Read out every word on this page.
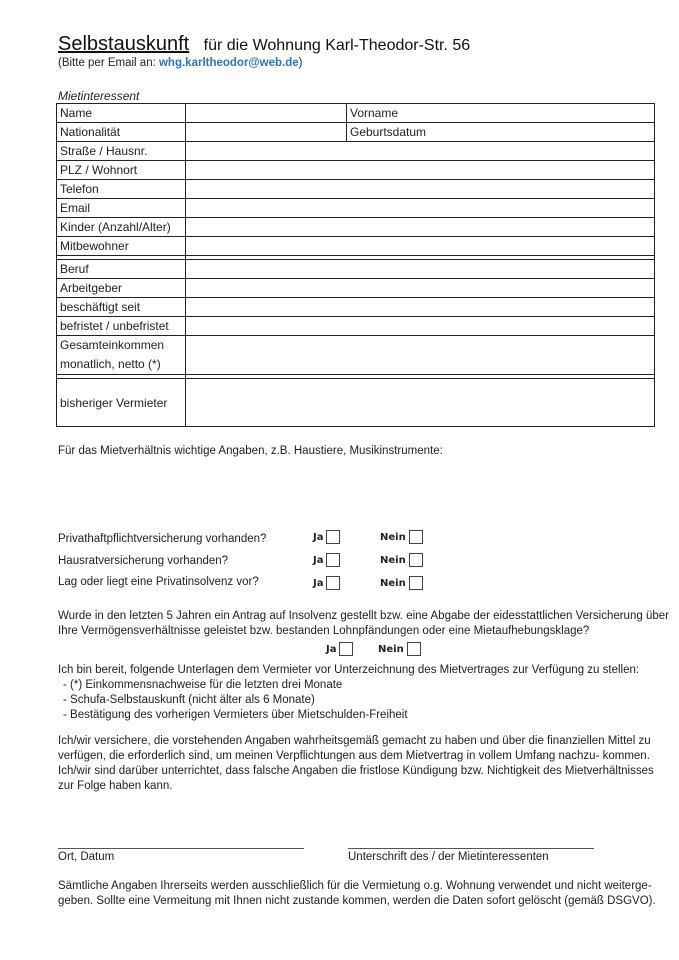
Selbstauskunft für die Wohnung Karl-Theodor-Str. 56
(Bitte per Email an: whg.karltheodor@web.de)
Mietinteressent
Name		Vorname
Nationalität		Geburtsdatum
Straße / Hausnr.		
PLZ / Wohnort		
Telefon		
Email		
Kinder (Anzahl/Alter)		
Mitbewohner		

Beruf		
Arbeitgeber		
beschäftigt seit		
befristet / unbefristet		

Gesamteinkommen
monatlich, netto (*)		

bisheriger Vermieter		
Für das Mietverhältnis wichtige Angaben, z.B. Haustiere, Musikinstrumente:
Privathaftpflichtversicherung vorhanden?	Ja	Nein
Hausratversicherung vorhanden?	Ja	Nein
Lag oder liegt eine Privatinsolvenz vor?	Ja	Nein
Wurde in den letzten 5 Jahren ein Antrag auf Insolvenz gestellt bzw. eine Abgabe der eidesstattlichen Versicherung über
Ihre Vermögensverhältnisse geleistet bzw. bestanden Lohnpfändungen oder eine Mietaufhebungsklage?
Ja	Nein
Ich bin bereit, folgende Unterlagen dem Vermieter vor Unterzeichnung des Mietvertrages zur Verfügung zu stellen:
- (*) Einkommensnachweise für die letzten drei Monate
- Schufa-Selbstauskunft (nicht älter als 6 Monate)
- Bestätigung des vorherigen Vermieters über Mietschulden-Freiheit
Ich/wir versichere, die vorstehenden Angaben wahrheitsgemäß gemacht zu haben und über die finanziellen Mittel zu
verfügen, die erforderlich sind, um meinen Verpflichtungen aus dem Mietvertrag in vollem Umfang nachzu- kommen.
Ich/wir sind darüber unterrichtet, dass falsche Angaben die fristlose Kündigung bzw. Nichtigkeit des Mietverhältnisses
zur Folge haben kann.
Ort, Datum	Unterschrift des / der Mietinteressenten
Sämtliche Angaben Ihrerseits werden ausschließlich für die Vermietung o.g. Wohnung verwendet und nicht weiterge-
geben. Sollte eine Vermeitung mit Ihnen nicht zustande kommen, werden die Daten sofort gelöscht (gemäß DSGVO).
